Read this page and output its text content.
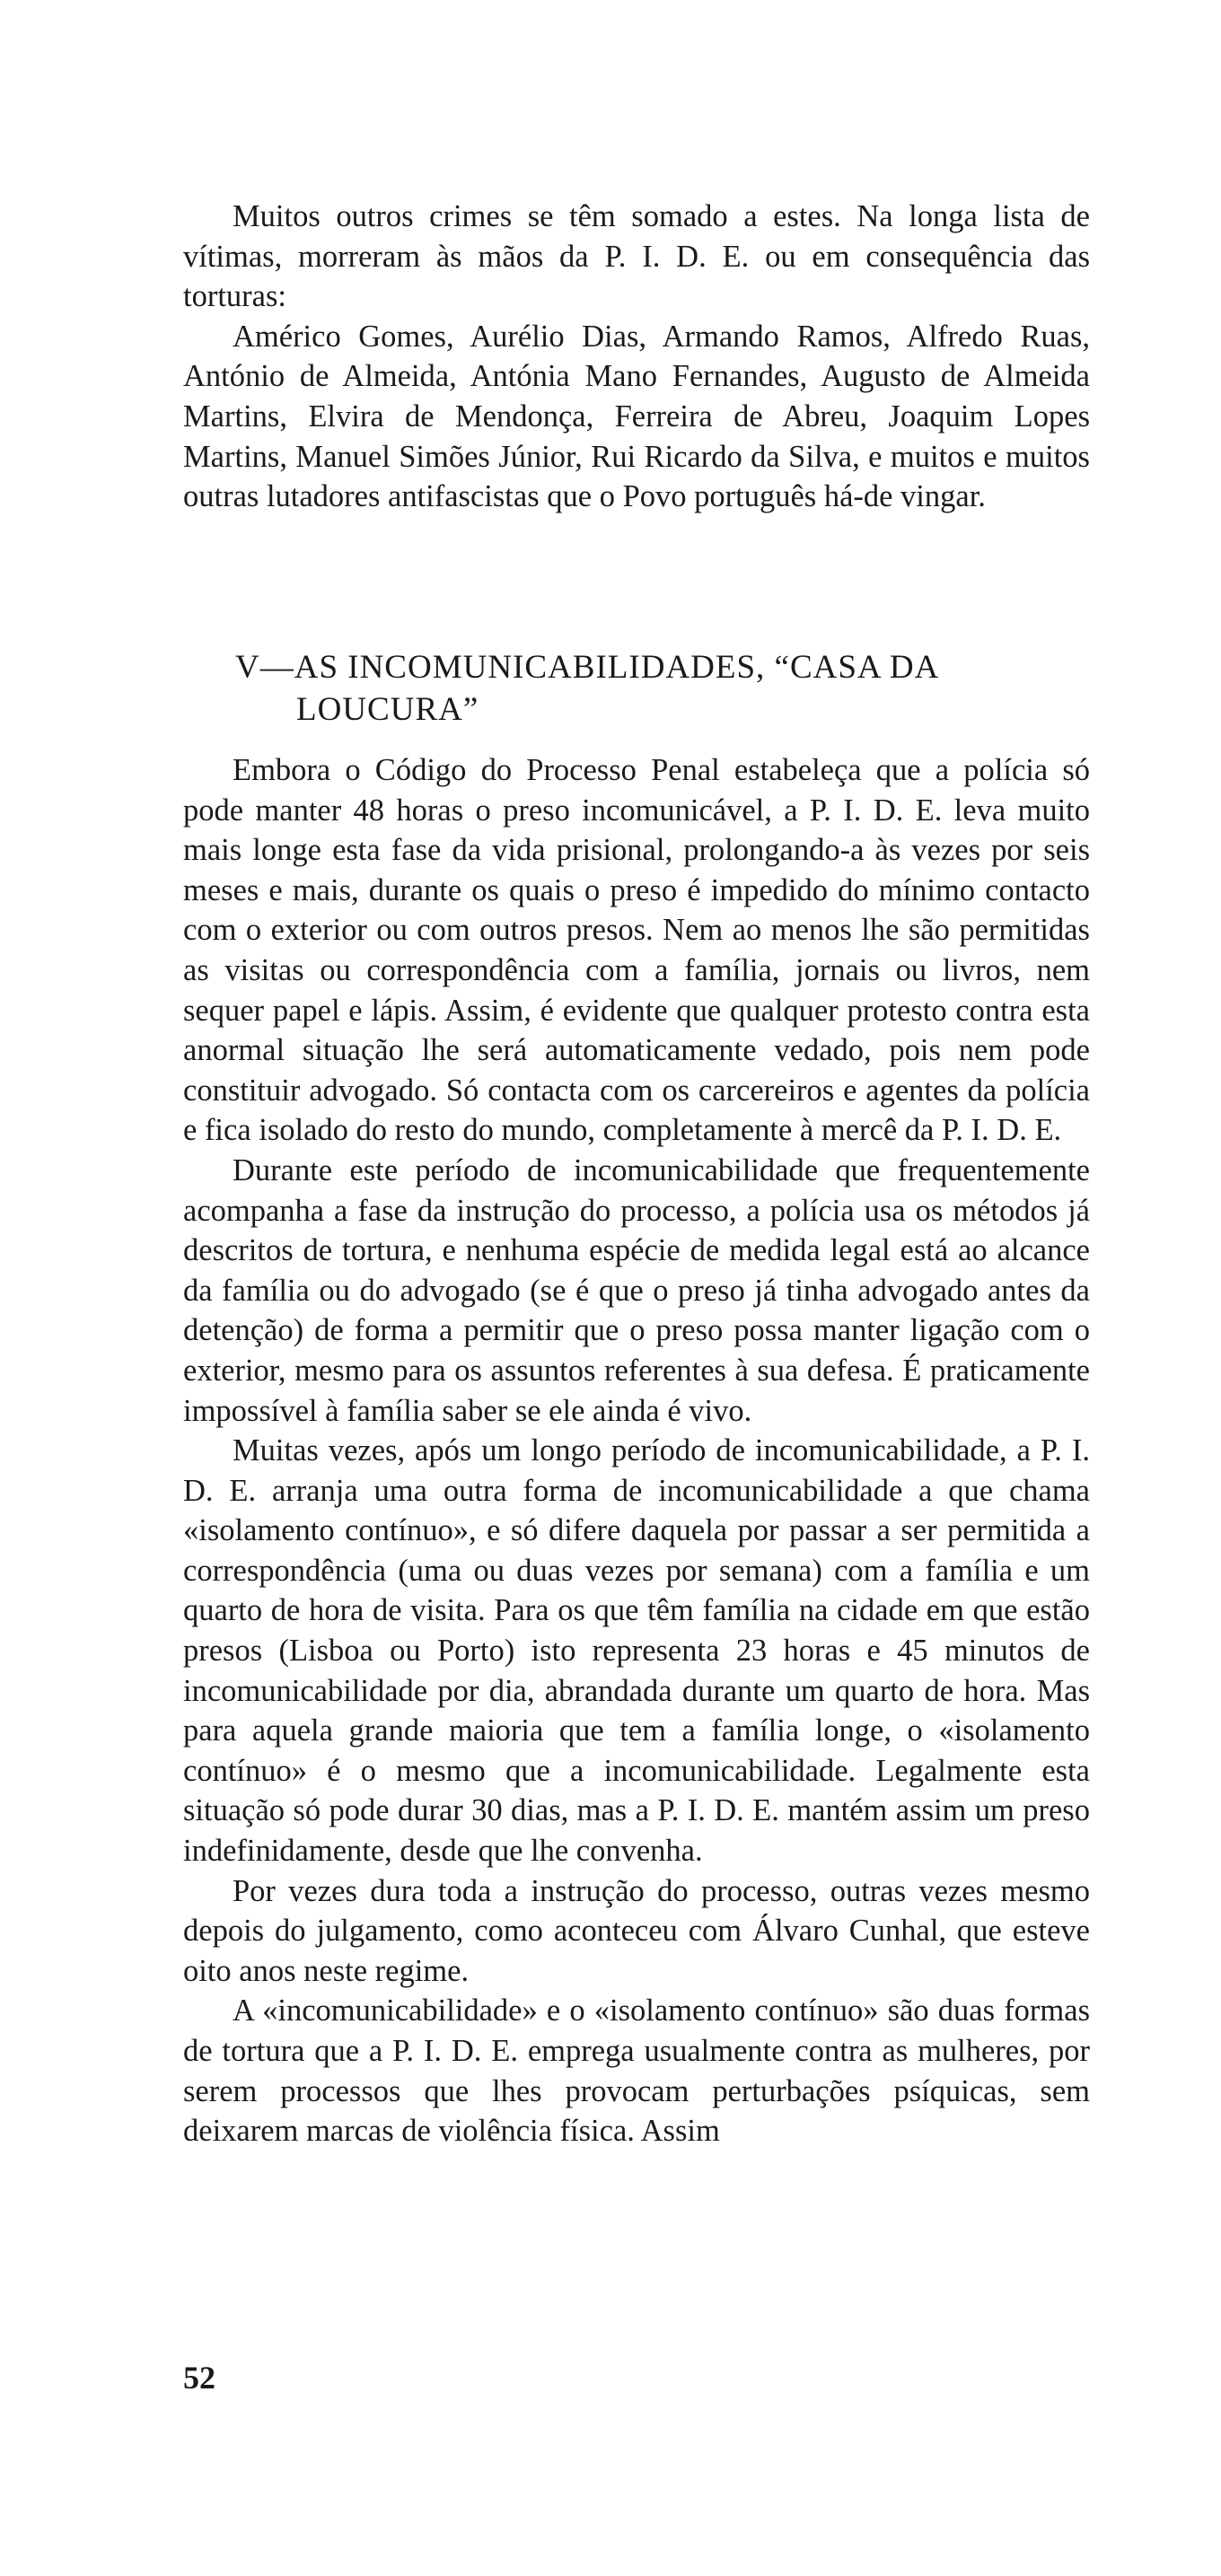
Muitos outros crimes se têm somado a estes. Na longa lista de vítimas, morreram às mãos da P. I. D. E. ou em consequência das torturas:

Américo Gomes, Aurélio Dias, Armando Ramos, Alfredo Ruas, António de Almeida, Antónia Mano Fernandes, Augusto de Almeida Martins, Elvira de Mendonça, Ferreira de Abreu, Joaquim Lopes Martins, Manuel Simões Júnior, Rui Ricardo da Silva, e muitos e muitos outras lutadores antifascistas que o Povo português há-de vingar.

V—AS INCOMUNICABILIDADES, “CASA DA
LOUCURA”

Embora o Código do Processo Penal estabeleça que a polícia só pode manter 48 horas o preso incomunicável, a P. I. D. E. leva muito mais longe esta fase da vida prisional, prolongando-a às vezes por seis meses e mais, durante os quais o preso é impedido do mínimo contacto com o exterior ou com outros presos. Nem ao menos lhe são permitidas as visitas ou correspondência com a família, jornais ou livros, nem sequer papel e lápis. Assim, é evidente que qualquer protesto contra esta anormal situação lhe será automaticamente vedado, pois nem pode constituir advogado. Só contacta com os carcereiros e agentes da polícia e fica isolado do resto do mundo, completamente à mercê da P. I. D. E.

Durante este período de incomunicabilidade que frequentemente acompanha a fase da instrução do processo, a polícia usa os métodos já descritos de tortura, e nenhuma espécie de medida legal está ao alcance da família ou do advogado (se é que o preso já tinha advogado antes da detenção) de forma a permitir que o preso possa manter ligação com o exterior, mesmo para os assuntos referentes à sua defesa. É praticamente impossível à família saber se ele ainda é vivo.

Muitas vezes, após um longo período de incomunicabilidade, a P. I. D. E. arranja uma outra forma de incomunicabilidade a que chama «isolamento contínuo», e só difere daquela por passar a ser permitida a correspondência (uma ou duas vezes por semana) com a família e um quarto de hora de visita. Para os que têm família na cidade em que estão presos (Lisboa ou Porto) isto representa 23 horas e 45 minutos de incomunicabilidade por dia, abrandada durante um quarto de hora. Mas para aquela grande maioria que tem a família longe, o «isolamento contínuo» é o mesmo que a incomunicabilidade. Legalmente esta situação só pode durar 30 dias, mas a P. I. D. E. mantém assim um preso indefinidamente, desde que lhe convenha.

Por vezes dura toda a instrução do processo, outras vezes mesmo depois do julgamento, como aconteceu com Álvaro Cunhal, que esteve oito anos neste regime.

A «incomunicabilidade» e o «isolamento contínuo» são duas formas de tortura que a P. I. D. E. emprega usualmente contra as mulheres, por serem processos que lhes provocam perturbações psíquicas, sem deixarem marcas de violência física. Assim

52
